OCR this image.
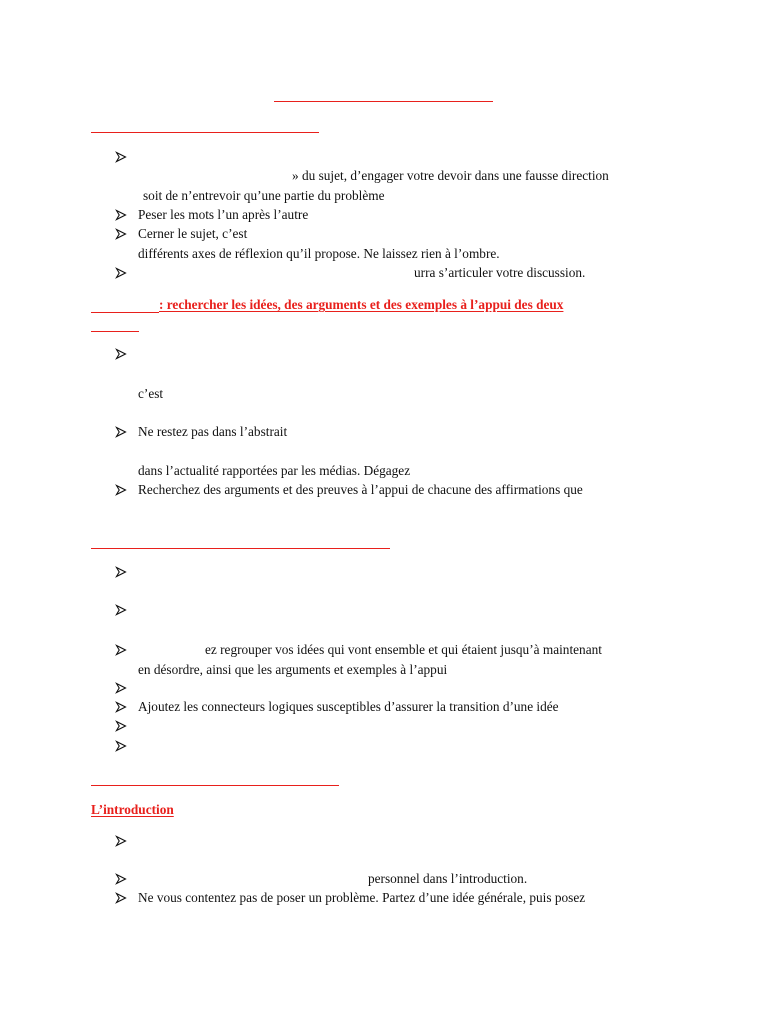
» du sujet, d’engager votre devoir dans une fausse direction
soit de n’entrevoir qu’une partie du problème
Peser les mots l’un après l’autre
Cerner le sujet, c’est
différents axes de réflexion qu’il propose. Ne laissez rien à l’ombre.
urra s’articuler votre discussion.
: rechercher les idées, des arguments et des exemples à l’appui des deux
c’est
Ne restez pas dans l’abstrait
dans l’actualité rapportées par les médias. Dégagez
Recherchez des arguments et des preuves à l’appui de chacune des affirmations que
ez regrouper vos idées qui vont ensemble et qui étaient jusqu’à maintenant
en désordre, ainsi que les arguments et exemples à l’appui
Ajoutez les connecteurs logiques susceptibles d’assurer la transition d’une idée
L’introduction
personnel dans l’introduction.
Ne vous contentez pas de poser un problème. Partez d’une idée générale, puis posez
